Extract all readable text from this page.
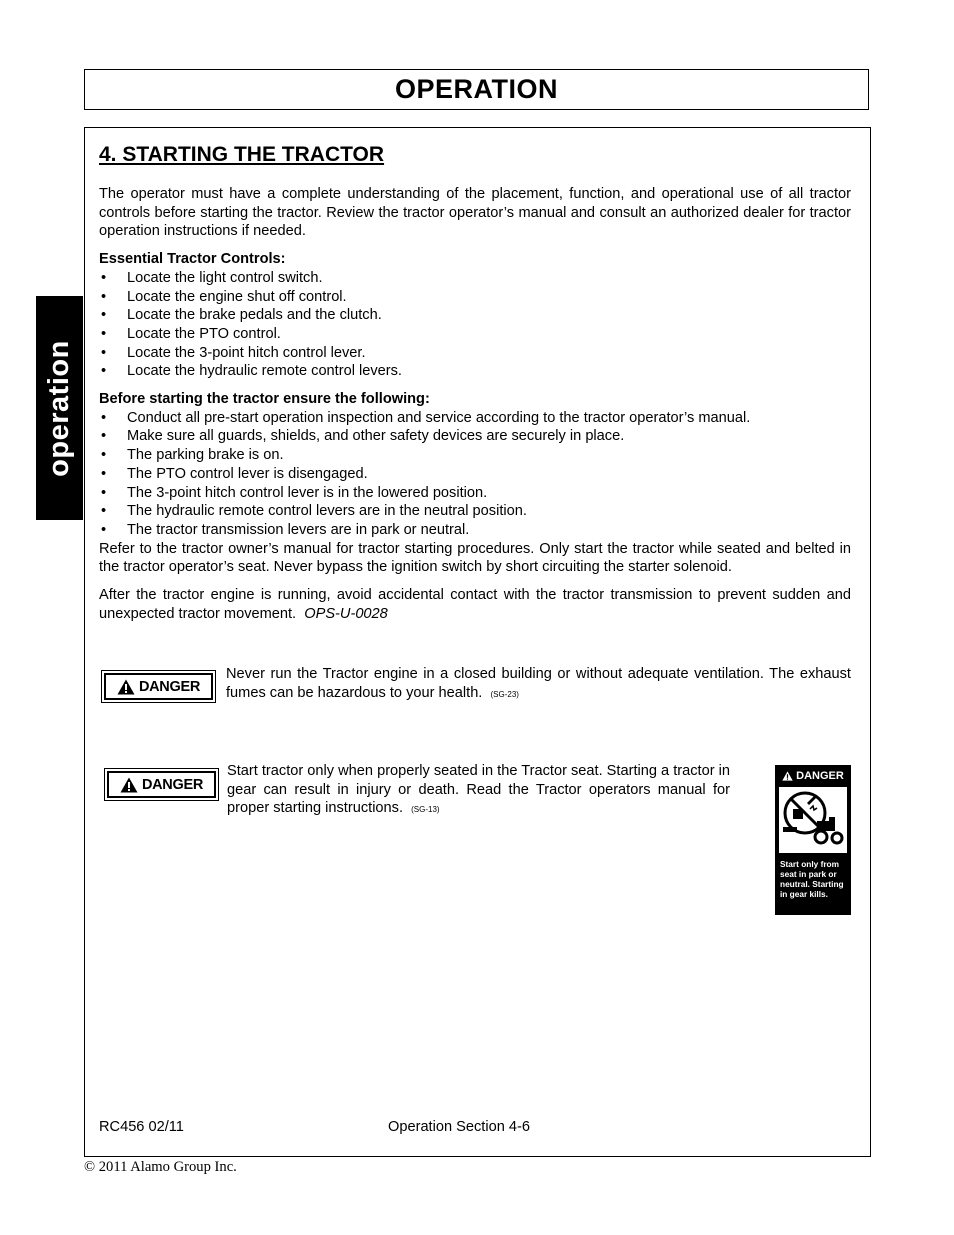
OPERATION
operation
4. STARTING THE TRACTOR

The operator must have a complete understanding of the placement, function, and operational use of all tractor controls before starting the tractor. Review the tractor operator’s manual and consult an authorized dealer for tractor operation instructions if needed.

Essential Tractor Controls:

• Locate the light control switch.
• Locate the engine shut off control.
• Locate the brake pedals and the clutch.
• Locate the PTO control.
• Locate the 3-point hitch control lever.
• Locate the hydraulic remote control levers.

Before starting the tractor ensure the following:

• Conduct all pre-start operation inspection and service according to the tractor operator’s manual.
• Make sure all guards, shields, and other safety devices are securely in place.
• The parking brake is on.
• The PTO control lever is disengaged.
• The 3-point hitch control lever is in the lowered position.
• The hydraulic remote control levers are in the neutral position.
• The tractor transmission levers are in park or neutral.

Refer to the tractor owner’s manual for tractor starting procedures. Only start the tractor while seated and belted in the tractor operator’s seat. Never bypass the ignition switch by short circuiting the starter solenoid.

After the tractor engine is running, avoid accidental contact with the tractor transmission to prevent sudden and unexpected tractor movement. OPS-U-0028

DANGER
Never run the Tractor engine in a closed building or without adequate ventilation. The exhaust fumes can be hazardous to your health. (SG-23)
DANGER
Start tractor only when properly seated in the Tractor seat. Starting a tractor in gear can result in injury or death. Read the Tractor operators manual for proper starting instructions. (SG-13)
DANGER
Start only from seat in park or neutral. Starting in gear kills.
RC456 02/11	Operation Section 4-6
© 2011 Alamo Group Inc.
